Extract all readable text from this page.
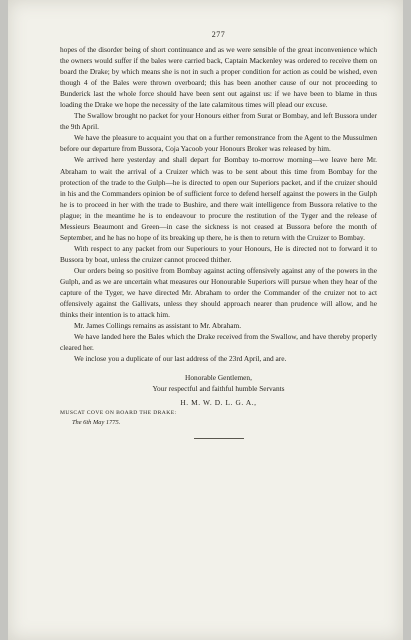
277

hopes of the disorder being of short continuance and as we were sensible of the great inconvenience which the owners would suffer if the bales were carried back, Captain Mackenley was ordered to receive them on board the Drake; by which means she is not in such a proper condition for action as could be wished, even though 4 of the Bales were thrown overboard; this has been another cause of our not proceeding to Bunderick last the whole force should have been sent out against us: if we have been to blame in thus loading the Drake we hope the necessity of the late calamitous times will plead our excuse.

The Swallow brought no packet for your Honours either from Surat or Bombay, and left Bussora under the 9th April.

We have the pleasure to acquaint you that on a further remonstrance from the Agent to the Mussulmen before our departure from Bussora, Coja Yacoob your Honours Broker was released by him.

We arrived here yesterday and shall depart for Bombay to-morrow morning—we leave here Mr. Abraham to wait the arrival of a Cruizer which was to be sent about this time from Bombay for the protection of the trade to the Gulph—he is directed to open our Superiors packet, and if the cruizer should in his and the Commanders opinion be of sufficient force to defend herself against the powers in the Gulph he is to proceed in her with the trade to Bushire, and there wait intelligence from Bussora relative to the plague; in the meantime he is to endeavour to procure the restitution of the Tyger and the release of Messieurs Beaumont and Green—in case the sickness is not ceased at Bussora before the month of September, and he has no hope of its breaking up there, he is then to return with the Cruizer to Bombay.

With respect to any packet from our Superiours to your Honours, He is directed not to forward it to Bussora by boat, unless the cruizer cannot proceed thither.

Our orders being so positive from Bombay against acting offensively against any of the powers in the Gulph, and as we are uncertain what measures our Honourable Superiors will pursue when they hear of the capture of the Tyger, we have directed Mr. Abraham to order the Commander of the cruizer not to act offensively against the Gallivats, unless they should approach nearer than prudence will allow, and he thinks their intention is to attack him.

Mr. James Collings remains as assistant to Mr. Abraham.

We have landed here the Bales which the Drake received from the Swallow, and have thereby properly cleared her.

We inclose you a duplicate of our last address of the 23rd April, and are.

Honorable Gentlemen,

Your respectful and faithful humble Servants

H. M. W. D. L. G. A.,

MUSCAT COVE ON BOARD THE DRAKE:
The 6th May 1775.
